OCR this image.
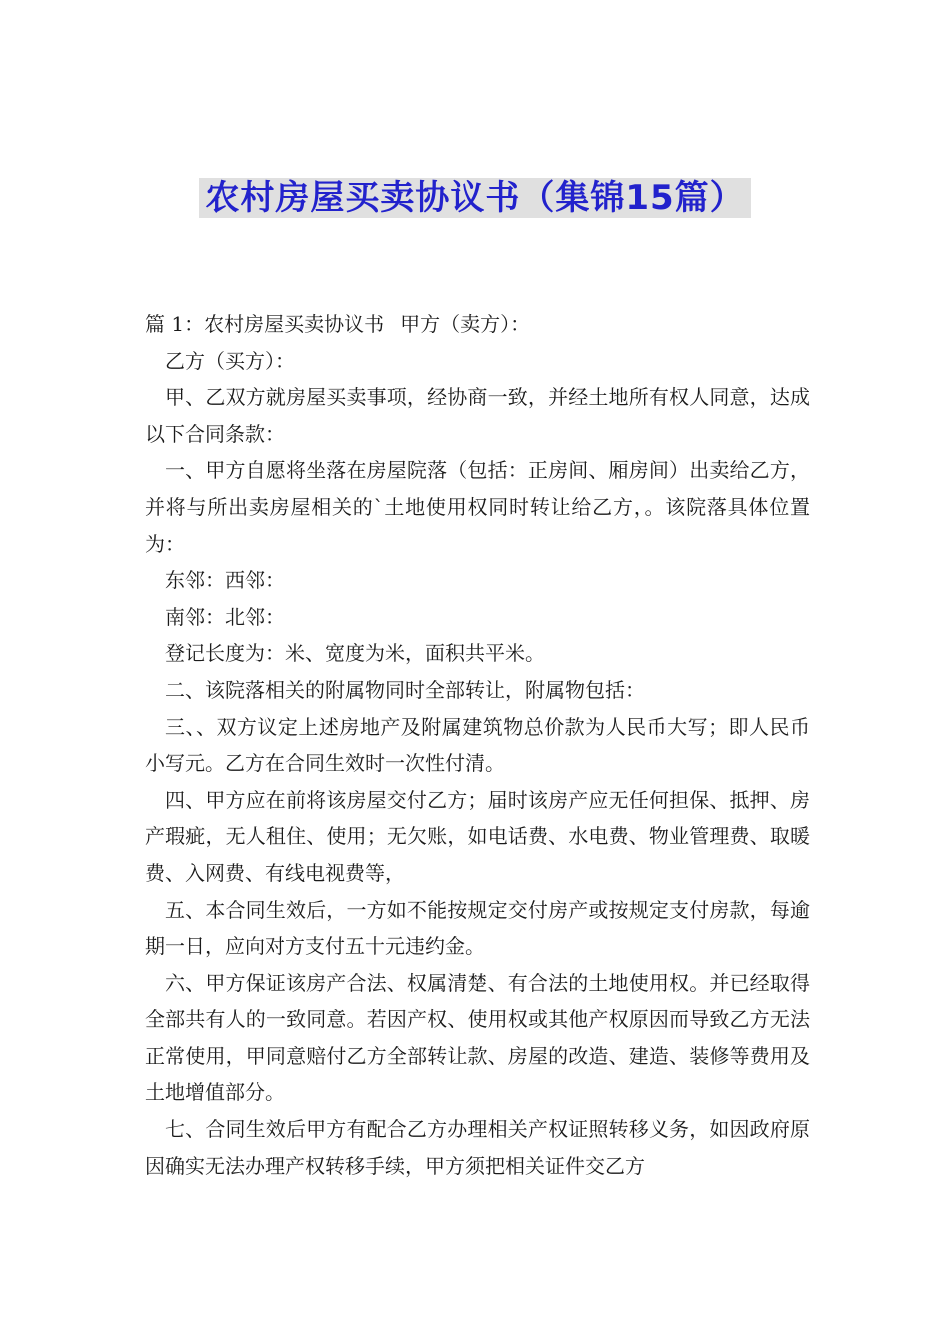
农村房屋买卖协议书（集锦15篇）

篇 1：农村房屋买卖协议书 甲方（卖方）：

乙方（买方）：

甲、乙双方就房屋买卖事项，经协商一致，并经土地所有权人同意，达成以下合同条款：

一、甲方自愿将坐落在房屋院落（包括：正房间、厢房间）出卖给乙方，并将与所出卖房屋相关的`土地使用权同时转让给乙方，。该院落具体位置为：

东邻：西邻：

南邻：北邻：

登记长度为：米、宽度为米，面积共平米。

二、该院落相关的附属物同时全部转让，附属物包括：

三、、双方议定上述房地产及附属建筑物总价款为人民币大写；即人民币小写元。乙方在合同生效时一次性付清。

四、甲方应在前将该房屋交付乙方；届时该房产应无任何担保、抵押、房产瑕疵，无人租住、使用；无欠账，如电话费、水电费、物业管理费、取暖费、入网费、有线电视费等，

五、本合同生效后，一方如不能按规定交付房产或按规定支付房款，每逾期一日，应向对方支付五十元违约金。

六、甲方保证该房产合法、权属清楚、有合法的土地使用权。并已经取得全部共有人的一致同意。若因产权、使用权或其他产权原因而导致乙方无法正常使用，甲同意赔付乙方全部转让款、房屋的改造、建造、装修等费用及土地增值部分。

七、合同生效后甲方有配合乙方办理相关产权证照转移义务，如因政府原因确实无法办理产权转移手续，甲方须把相关证件交乙方
